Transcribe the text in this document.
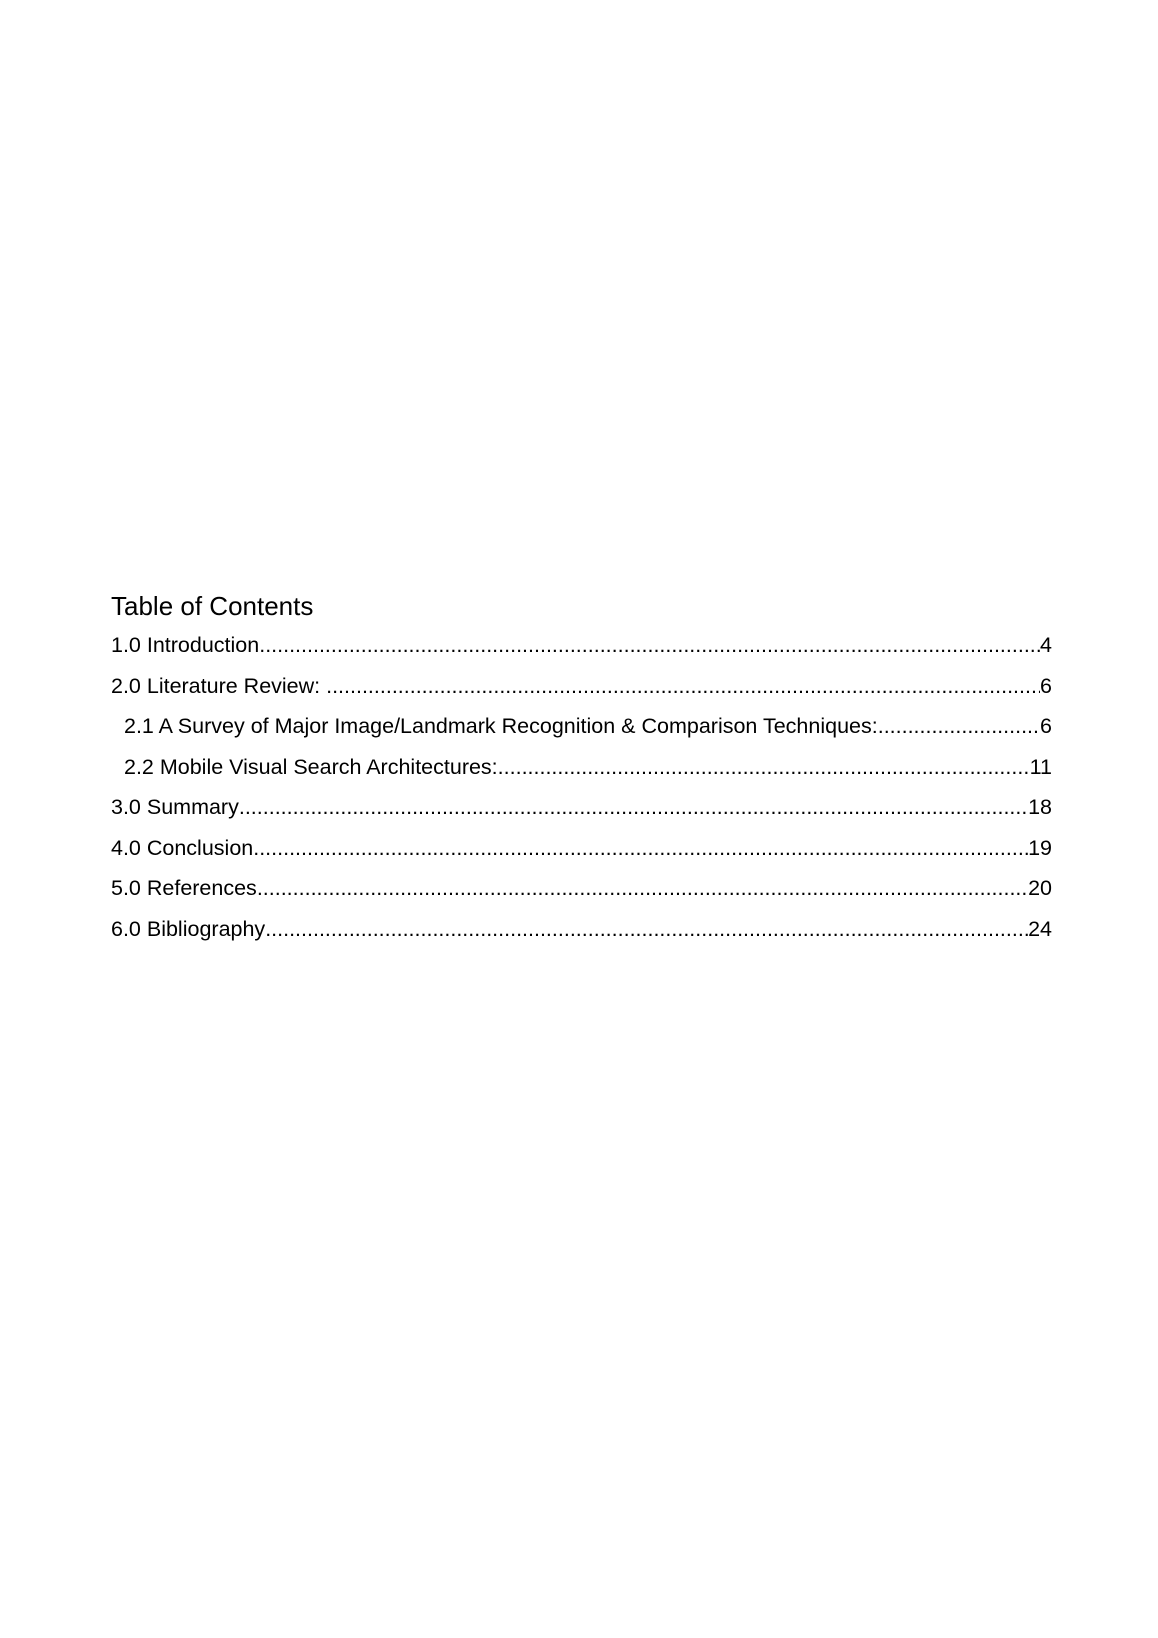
Table of Contents
1.0 Introduction .....	4
2.0 Literature Review: .....	6
2.1 A Survey of Major Image/Landmark Recognition & Comparison Techniques: .....	6
2.2 Mobile Visual Search Architectures: .....	11
3.0 Summary .....	18
4.0 Conclusion .....	19
5.0 References .....	20
6.0 Bibliography .....	24
